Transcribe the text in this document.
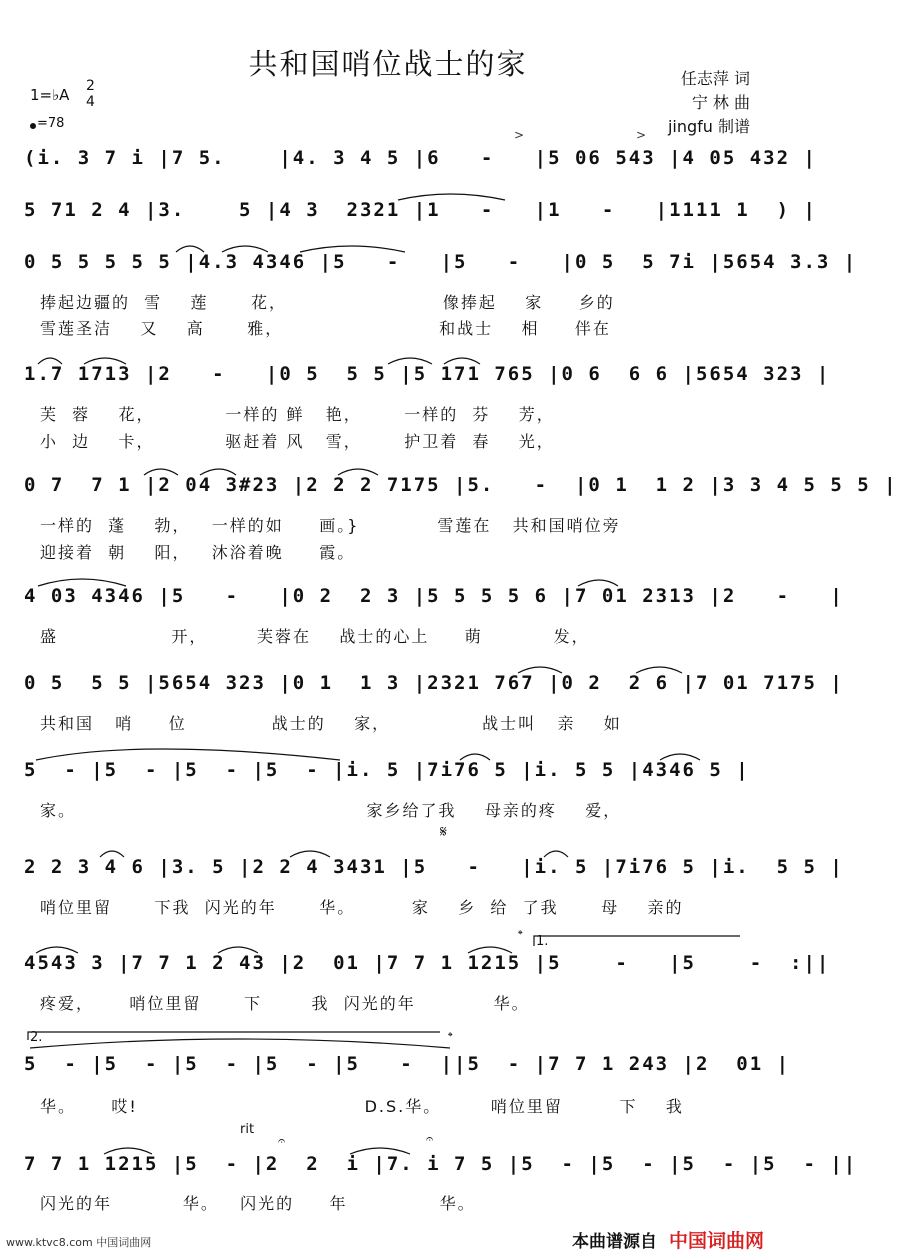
共和国哨位战士的家	任志萍 词
宁 林 曲
jingfu 制谱
1=♭A 2
4
=78
>	>
(i. 3 7 i |7 5.    |4. 3 4 5 |6   -   |5 06 543 |4 05 432 |
5 71 2 4 |3.    5 |4 3  2321 |1   -   |1   -   |1111 1  ) |
0 5 5 5 5 5 |4.3 4346 |5   -   |5   -   |0 5  5 7i |5654 3.3 |
捧起边疆的  雪    莲      花，                      像捧起    家     乡的
雪莲圣洁    又    高      雅，                      和战士    相     伴在
1.7 1713 |2   -   |0 5  5 5 |5 171 765 |0 6  6 6 |5654 323 |
芙  蓉    花，          一样的 鲜   艳，      一样的  芬    芳，
小  边    卡，          驱赶着 风   雪，      护卫着  春    光，
0 7  7 1 |2 04 3#23 |2 2 2 7175 |5.   -  |0 1  1 2 |3 3 4 5 5 5 |
一样的  蓬    勃，   一样的如     画。}           雪莲在   共和国哨位旁
迎接着  朝    阳，   沐浴着晚     霞。
4 03 4346 |5   -   |0 2  2 3 |5 5 5 5 6 |7 01 2313 |2   -   |
盛                开，       芙蓉在    战士的心上     萌          发，
0 5  5 5 |5654 323 |0 1  1 3 |2321 767 |0 2  2 6 |7 01 7175 |
共和国   哨     位            战士的    家，             战士叫   亲    如
5  - |5  - |5  - |5  - |i. 5 |7i76 5 |i. 5 5 |4346 5 |
家。                                         家乡给了我    母亲的疼    爱，
𝄋
2 2 3 4 6 |3. 5 |2 2 4 3431 |5   -   |i. 5 |7i76 5 |i.  5 5 |
哨位里留      下我  闪光的年      华。        家    乡  给  了我      母    亲的
𝄌 1.
4543 3 |7 7 1 2 43 |2  01 |7 7 1 1215 |5    -   |5    -  :||
疼爱，     哨位里留      下       我  闪光的年           华。
2.	𝄌
5  - |5  - |5  - |5  - |5   -  ||5  - |7 7 1 243 |2  01 |
华。     哎!                                D.S.华。       哨位里留        下    我
rit
𝄐	𝄐
7 7 1 1215 |5  - |2  2  i |7. i 7 5 |5  - |5  - |5  - |5  - ||
闪光的年          华。   闪光的     年             华。
www.ktvc8.com 中国词曲网	本曲谱源自 中国词曲网
